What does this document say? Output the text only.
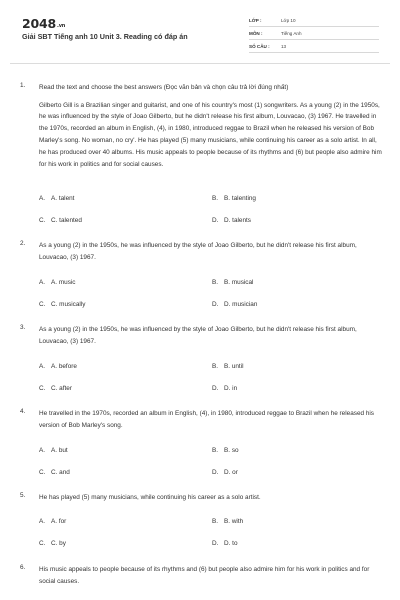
2048.vn
Giải SBT Tiếng anh 10 Unit 3. Reading có đáp án
LỚP :	Lớp 10
MÔN :	Tiếng Anh
SỐ CÂU :	13
1. Read the text and choose the best answers (Đọc văn bản và chọn câu trả lời đúng nhất)
Gilberto Gill is a Brazilian singer and guitarist, and one of his country's most (1) songwriters. As a young (2) in the 1950s, he was influenced by the style of Joao Gilberto, but he didn't release his first album, Louvacao, (3) 1967. He travelled in the 1970s, recorded an album in English, (4), in 1980, introduced reggae to Brazil when he released his version of Bob Marley's song. No woman, no cry'. He has played (5) many musicians, while continuing his career as a solo artist. In all, he has produced over 40 albums. His music appeals to people because of its rhythms and (6) but people also admire him for his work in politics and for social causes.
A. A. talent	B. B. talenting
C. C. talented	D. D. talents
2. As a young (2) in the 1950s, he was influenced by the style of Joao Gilberto, but he didn't release his first album, Louvacao, (3) 1967.
A. A. music	B. B. musical
C. C. musically	D. D. musician
3. As a young (2) in the 1950s, he was influenced by the style of Joao Gilberto, but he didn't release his first album, Louvacao, (3) 1967.
A. A. before	B. B. until
C. C. after	D. D. in
4. He travelled in the 1970s, recorded an album in English, (4), in 1980, introduced reggae to Brazil when he released his version of Bob Marley's song.
A. A. but	B. B. so
C. C. and	D. D. or
5. He has played (5) many musicians, while continuing his career as a solo artist.
A. A. for	B. B. with
C. C. by	D. D. to
6. His music appeals to people because of its rhythms and (6) but people also admire him for his work in politics and for social causes.
